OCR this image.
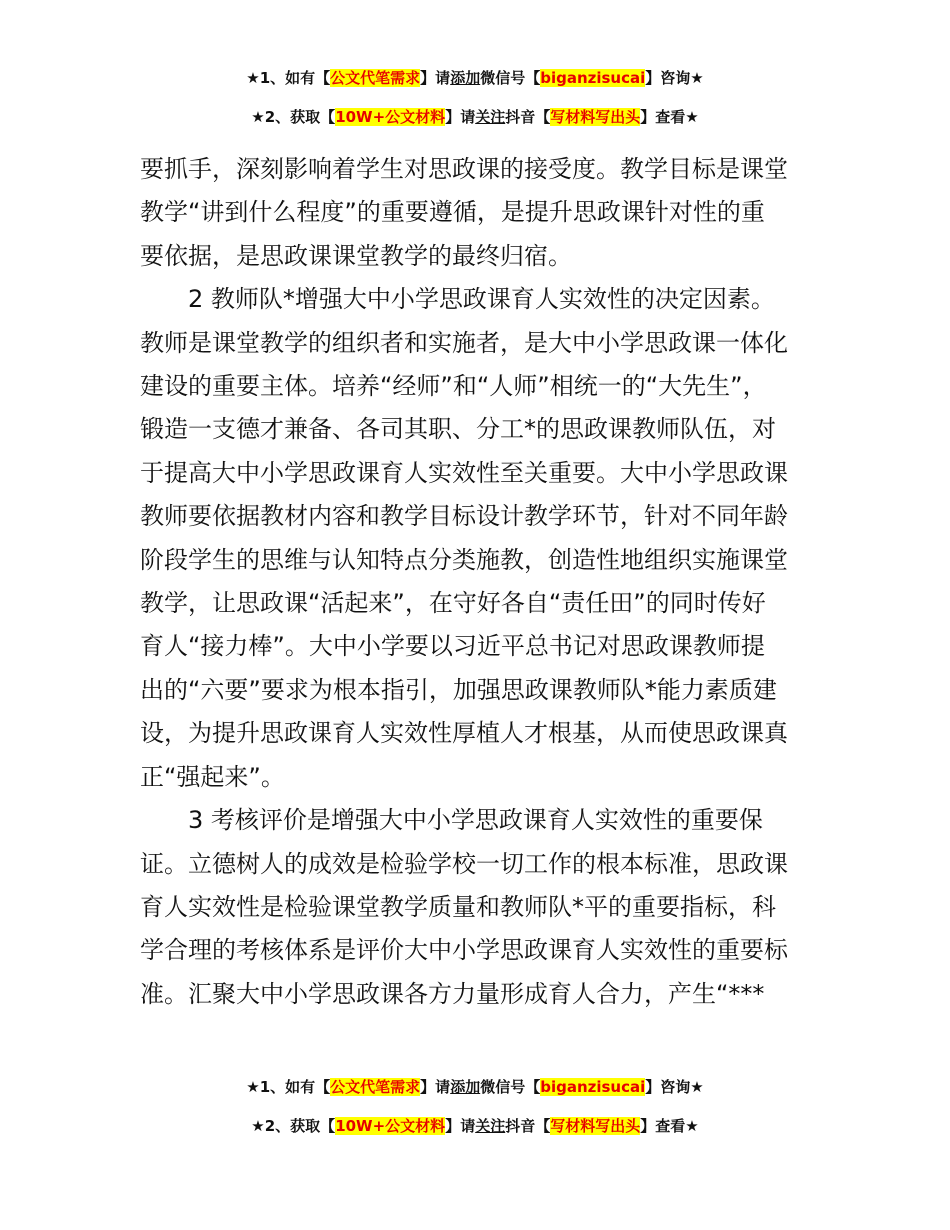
★1、如有【公文代笔需求】请添加微信号【biganzisucai】咨询★
★2、获取【10W+公文材料】请关注抖音【写材料写出头】查看★
要抓手，深刻影响着学生对思政课的接受度。教学目标是课堂
教学“讲到什么程度”的重要遵循，是提升思政课针对性的重
要依据，是思政课课堂教学的最终归宿。
2 教师队*增强大中小学思政课育人实效性的决定因素。
教师是课堂教学的组织者和实施者，是大中小学思政课一体化
建设的重要主体。培养“经师”和“人师”相统一的“大先生”，
锻造一支德才兼备、各司其职、分工*的思政课教师队伍，对
于提高大中小学思政课育人实效性至关重要。大中小学思政课
教师要依据教材内容和教学目标设计教学环节，针对不同年龄
阶段学生的思维与认知特点分类施教，创造性地组织实施课堂
教学，让思政课“活起来”，在守好各自“责任田”的同时传好
育人“接力棒”。大中小学要以习近平总书记对思政课教师提
出的“六要”要求为根本指引，加强思政课教师队*能力素质建
设，为提升思政课育人实效性厚植人才根基，从而使思政课真
正“强起来”。
3 考核评价是增强大中小学思政课育人实效性的重要保
证。立德树人的成效是检验学校一切工作的根本标准，思政课
育人实效性是检验课堂教学质量和教师队*平的重要指标，科
学合理的考核体系是评价大中小学思政课育人实效性的重要标
准。汇聚大中小学思政课各方力量形成育人合力，产生“***
★1、如有【公文代笔需求】请添加微信号【biganzisucai】咨询★
★2、获取【10W+公文材料】请关注抖音【写材料写出头】查看★
